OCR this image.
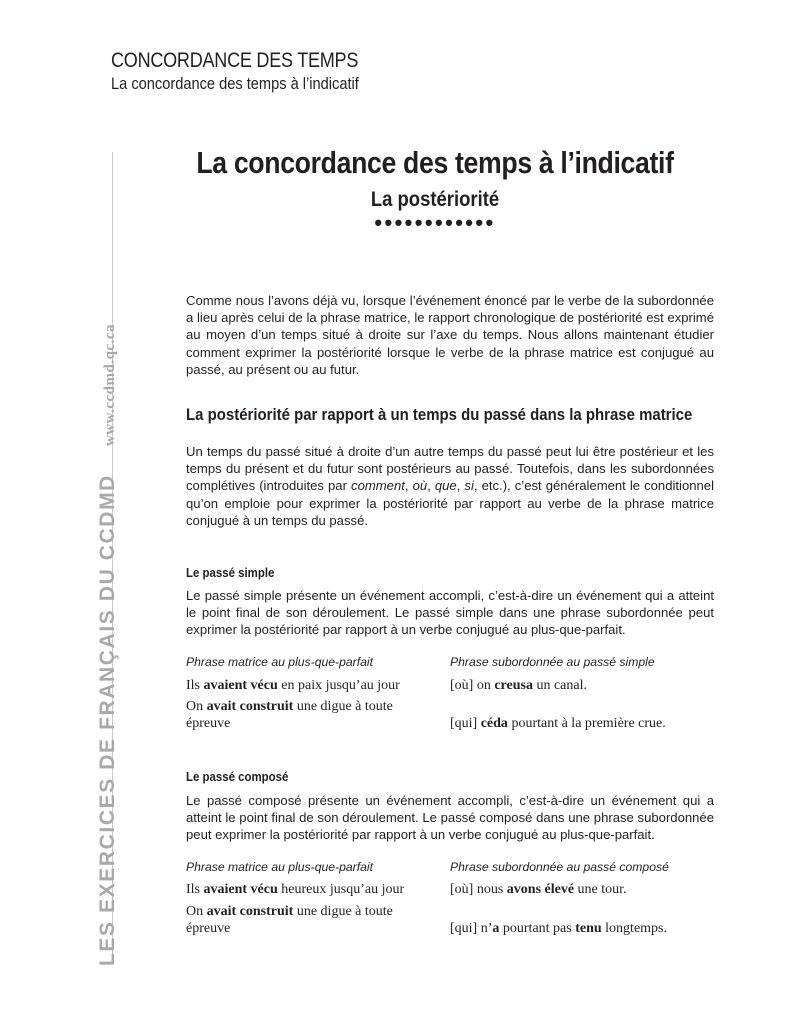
CONCORDANCE DES TEMPS
La concordance des temps à l’indicatif
LES EXERCICES DE FRANÇAIS DU CCDMDwww.ccdmd.qc.ca
La concordance des temps à l’indicatif
La postériorité
••••••••••••

Comme nous l’avons déjà vu, lorsque l’événement énoncé par le verbe de la subordonnée a lieu après celui de la phrase matrice, le rapport chronologique de postériorité est exprimé au moyen d’un temps situé à droite sur l’axe du temps. Nous allons maintenant étudier comment exprimer la postériorité lorsque le verbe de la phrase matrice est conjugué au passé, au présent ou au futur.

La postériorité par rapport à un temps du passé dans la phrase matrice

Un temps du passé situé à droite d’un autre temps du passé peut lui être postérieur et les temps du présent et du futur sont postérieurs au passé. Toutefois, dans les subordonnées complétives (introduites par comment, où, que, si, etc.), c’est généralement le conditionnel qu’on emploie pour exprimer la postériorité par rapport au verbe de la phrase matrice conjugué à un temps du passé.

Le passé simple

Le passé simple présente un événement accompli, c’est-à-dire un événement qui a atteint le point final de son déroulement. Le passé simple dans une phrase subordonnée peut exprimer la postériorité par rapport à un verbe conjugué au plus-que-parfait.

Phrase matrice au plus-que-parfait	Phrase subordonnée au passé simple
Ils avaient vécu en paix jusqu’au jour	[où] on creusa un canal.
On avait construit une digue à toute
épreuve	[qui] céda pourtant à la première crue.
Le passé composé

Le passé composé présente un événement accompli, c’est-à-dire un événement qui a atteint le point final de son déroulement. Le passé composé dans une phrase subordonnée peut exprimer la postériorité par rapport à un verbe conjugué au plus-que-parfait.

Phrase matrice au plus-que-parfait	Phrase subordonnée au passé composé
Ils avaient vécu heureux jusqu’au jour	[où] nous avons élevé une tour.
On avait construit une digue à toute
épreuve	[qui] n’a pourtant pas tenu longtemps.
